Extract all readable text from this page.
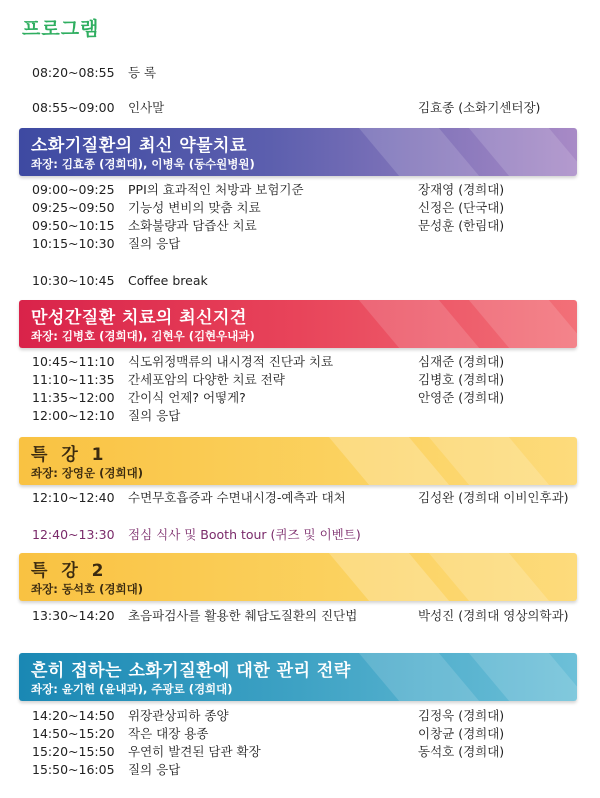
프로그램
08:20~08:55 등 록
08:55~09:00 인사말	김효종 (소화기센터장)
소화기질환의 최신 약물치료
좌장: 김효종 (경희대), 이병욱 (동수원병원)
09:00~09:25 PPI의 효과적인 처방과 보험기준	장재영 (경희대)
09:25~09:50 기능성 변비의 맞춤 치료	신정은 (단국대)
09:50~10:15 소화불량과 담즙산 치료	문성훈 (한림대)
10:15~10:30 질의 응답
10:30~10:45 Coffee break
만성간질환 치료의 최신지견
좌장: 김병호 (경희대), 김현우 (김현우내과)
10:45~11:10 식도위정맥류의 내시경적 진단과 치료	심재준 (경희대)
11:10~11:35 간세포암의 다양한 치료 전략	김병호 (경희대)
11:35~12:00 간이식 언제? 어떻게?	안영준 (경희대)
12:00~12:10 질의 응답
특 강 1
좌장: 장영운 (경희대)
12:10~12:40 수면무호흡증과 수면내시경-예측과 대처	김성완 (경희대 이비인후과)
12:40~13:30 점심 식사 및 Booth tour (퀴즈 및 이벤트)
특 강 2
좌장: 동석호 (경희대)
13:30~14:20 초음파검사를 활용한 췌담도질환의 진단법	박성진 (경희대 영상의학과)
흔히 접하는 소화기질환에 대한 관리 전략
좌장: 윤기헌 (윤내과), 주광로 (경희대)
14:20~14:50 위장관상피하 종양	김정욱 (경희대)
14:50~15:20 작은 대장 용종	이창균 (경희대)
15:20~15:50 우연히 발견된 담관 확장	동석호 (경희대)
15:50~16:05 질의 응답
